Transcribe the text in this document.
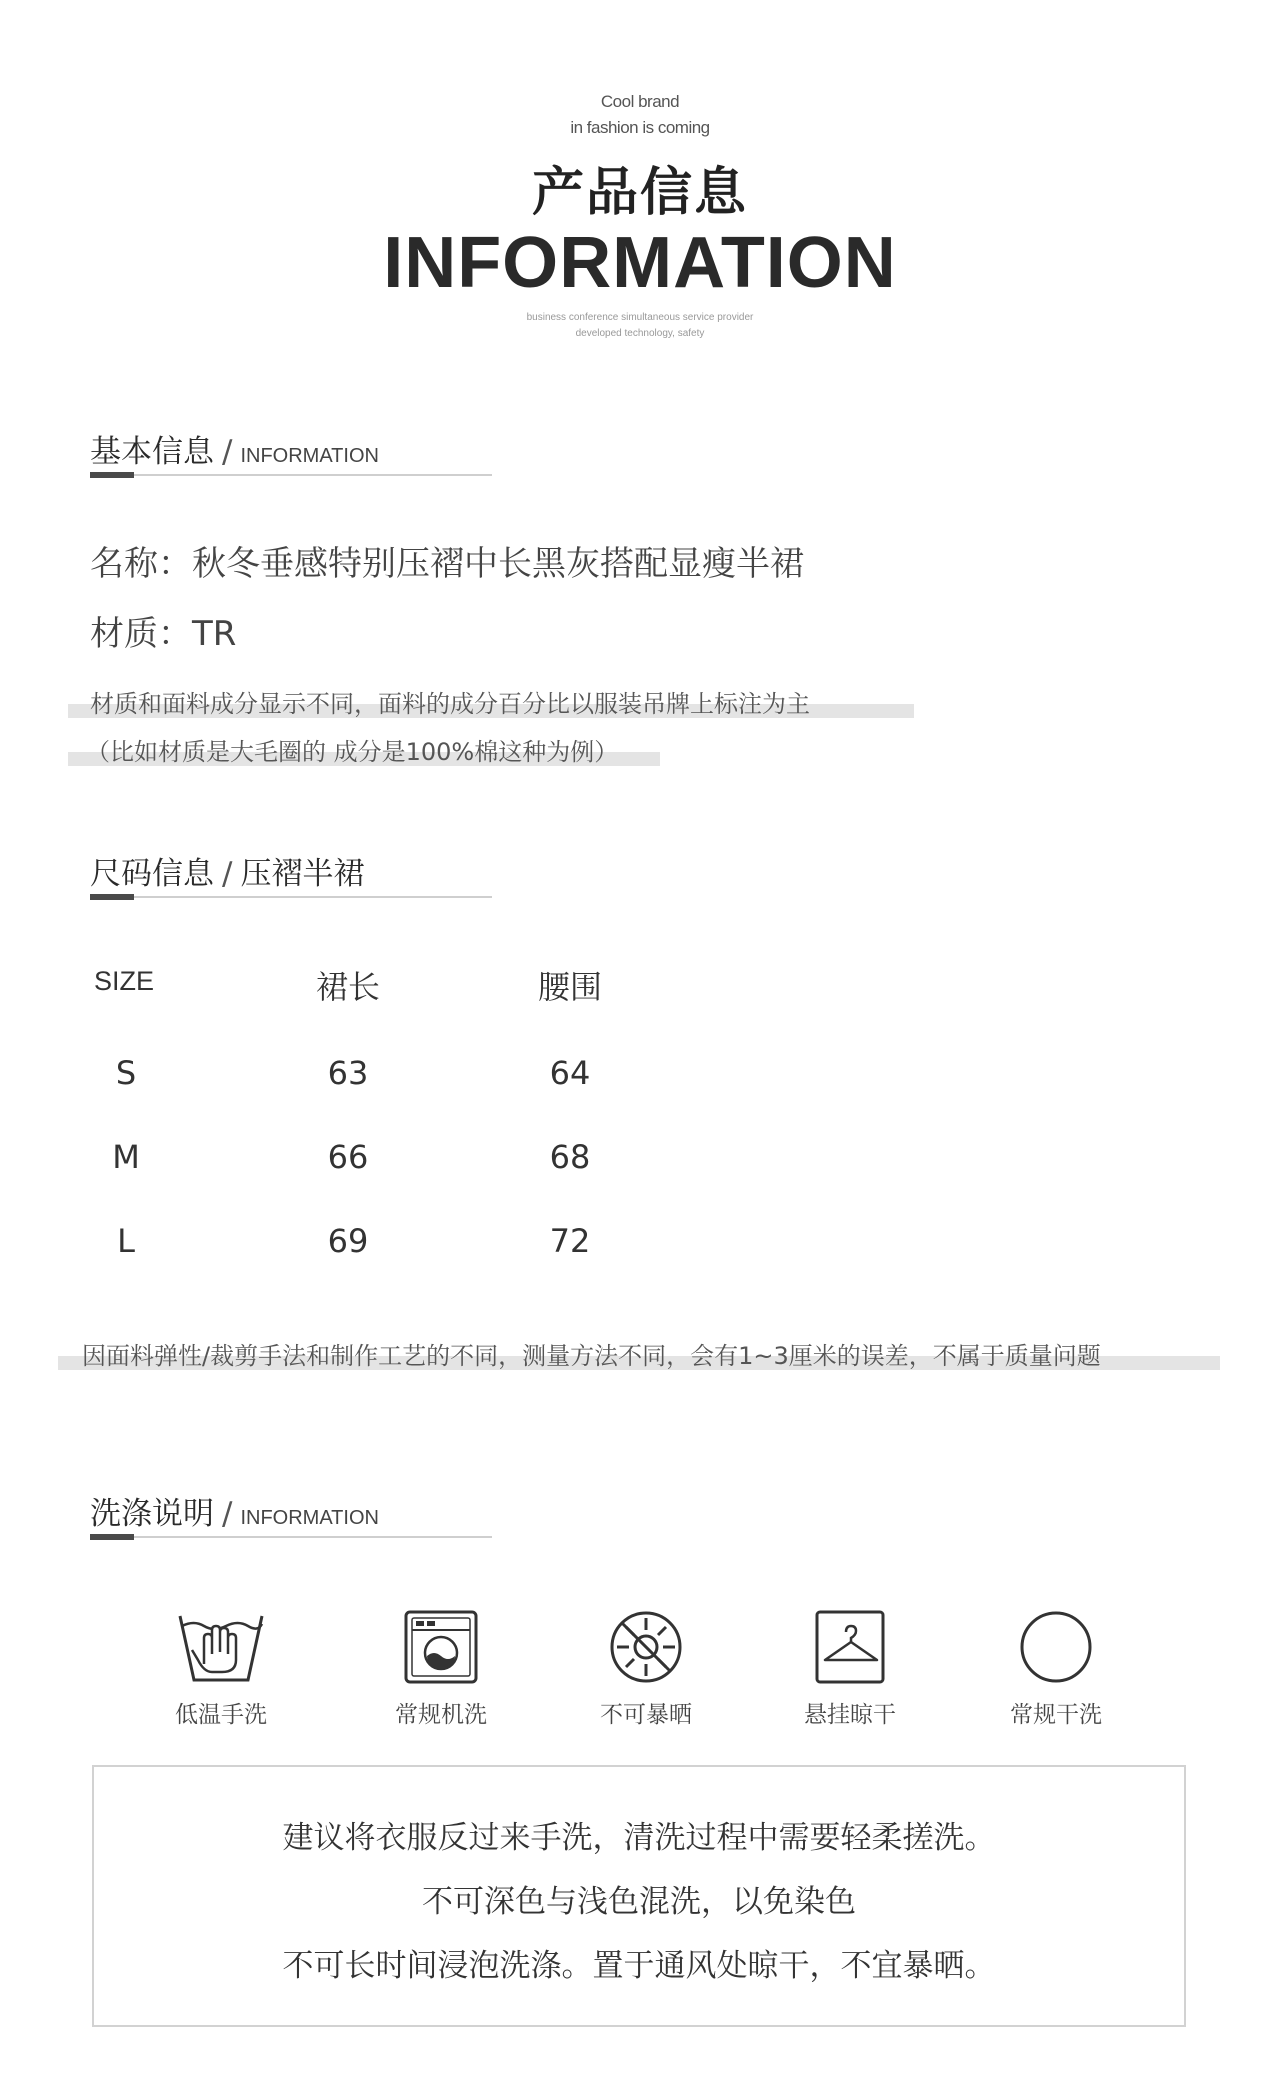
Cool brand
in fashion is coming
产品信息
INFORMATION
business conference simultaneous service provider
developed technology, safety
基本信息 / INFORMATION
名称：秋冬垂感特别压褶中长黑灰搭配显瘦半裙
材质：TR
材质和面料成分显示不同，面料的成分百分比以服装吊牌上标注为主
（比如材质是大毛圈的 成分是100%棉这种为例）
尺码信息 / 压褶半裙
SIZE	裙长	腰围
S	63	64
M	66	68
L	69	72
因面料弹性/裁剪手法和制作工艺的不同，测量方法不同，会有1~3厘米的误差，不属于质量问题
洗涤说明 / INFORMATION
低温手洗	常规机洗	不可暴晒	悬挂晾干	常规干洗
建议将衣服反过来手洗，清洗过程中需要轻柔搓洗。
不可深色与浅色混洗，以免染色
不可长时间浸泡洗涤。置于通风处晾干，不宜暴晒。
